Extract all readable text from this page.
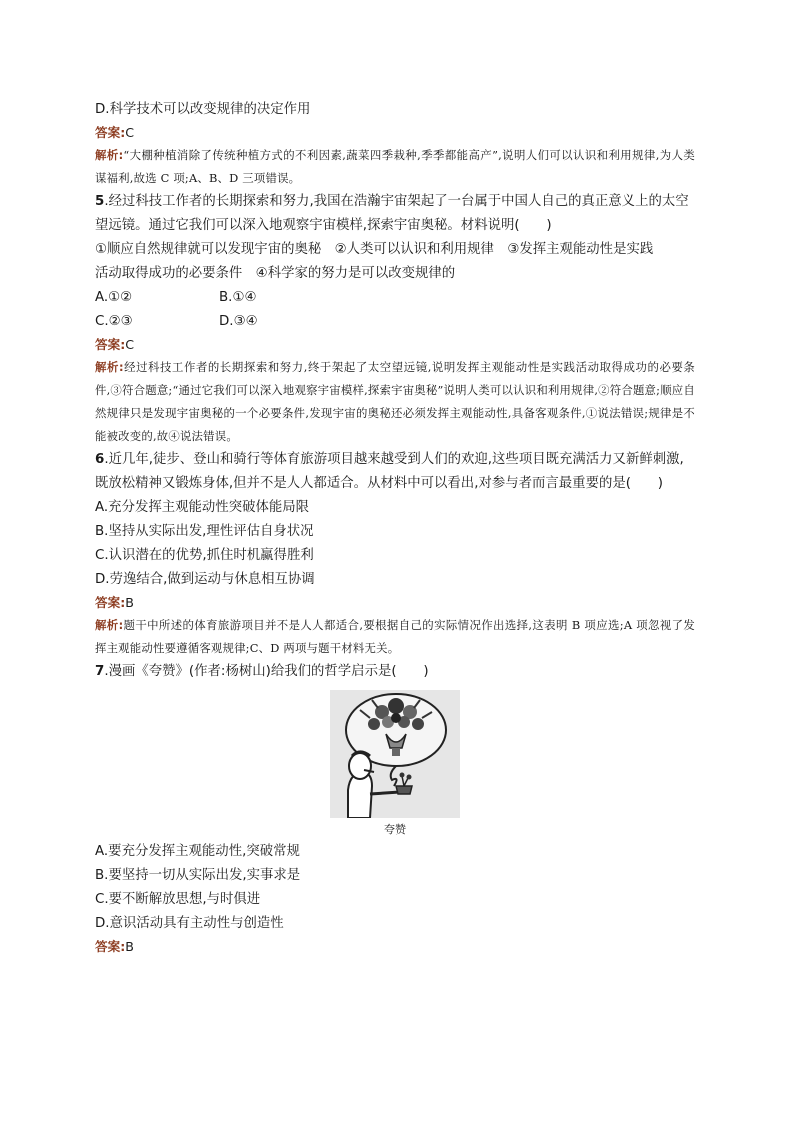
D.科学技术可以改变规律的决定作用
答案:C
解析:“大棚种植消除了传统种植方式的不利因素,蔬菜四季栽种,季季都能高产”,说明人们可以认识和利用规律,为人类谋福利,故选 C 项;A、B、D 三项错误。
5.经过科技工作者的长期探索和努力,我国在浩瀚宇宙架起了一台属于中国人自己的真正意义上的太空望远镜。通过它我们可以深入地观察宇宙模样,探索宇宙奥秘。材料说明(　　)
①顺应自然规律就可以发现宇宙的奥秘　②人类可以认识和利用规律　③发挥主观能动性是实践
活动取得成功的必要条件　④科学家的努力是可以改变规律的
A.①②	B.①④
C.②③	D.③④
答案:C
解析:经过科技工作者的长期探索和努力,终于架起了太空望远镜,说明发挥主观能动性是实践活动取得成功的必要条件,③符合题意;“通过它我们可以深入地观察宇宙模样,探索宇宙奥秘”说明人类可以认识和利用规律,②符合题意;顺应自然规律只是发现宇宙奥秘的一个必要条件,发现宇宙的奥秘还必须发挥主观能动性,具备客观条件,①说法错误;规律是不能被改变的,故④说法错误。
6.近几年,徒步、登山和骑行等体育旅游项目越来越受到人们的欢迎,这些项目既充满活力又新鲜刺激,既放松精神又锻炼身体,但并不是人人都适合。从材料中可以看出,对参与者而言最重要的是(　　)
A.充分发挥主观能动性突破体能局限
B.坚持从实际出发,理性评估自身状况
C.认识潜在的优势,抓住时机赢得胜利
D.劳逸结合,做到运动与休息相互协调
答案:B
解析:题干中所述的体育旅游项目并不是人人都适合,要根据自己的实际情况作出选择,这表明 B 项应选;A 项忽视了发挥主观能动性要遵循客观规律;C、D 两项与题干材料无关。
7.漫画《夸赞》(作者:杨树山)给我们的哲学启示是(　　)
夸赞
A.要充分发挥主观能动性,突破常规
B.要坚持一切从实际出发,实事求是
C.要不断解放思想,与时俱进
D.意识活动具有主动性与创造性
答案:B
